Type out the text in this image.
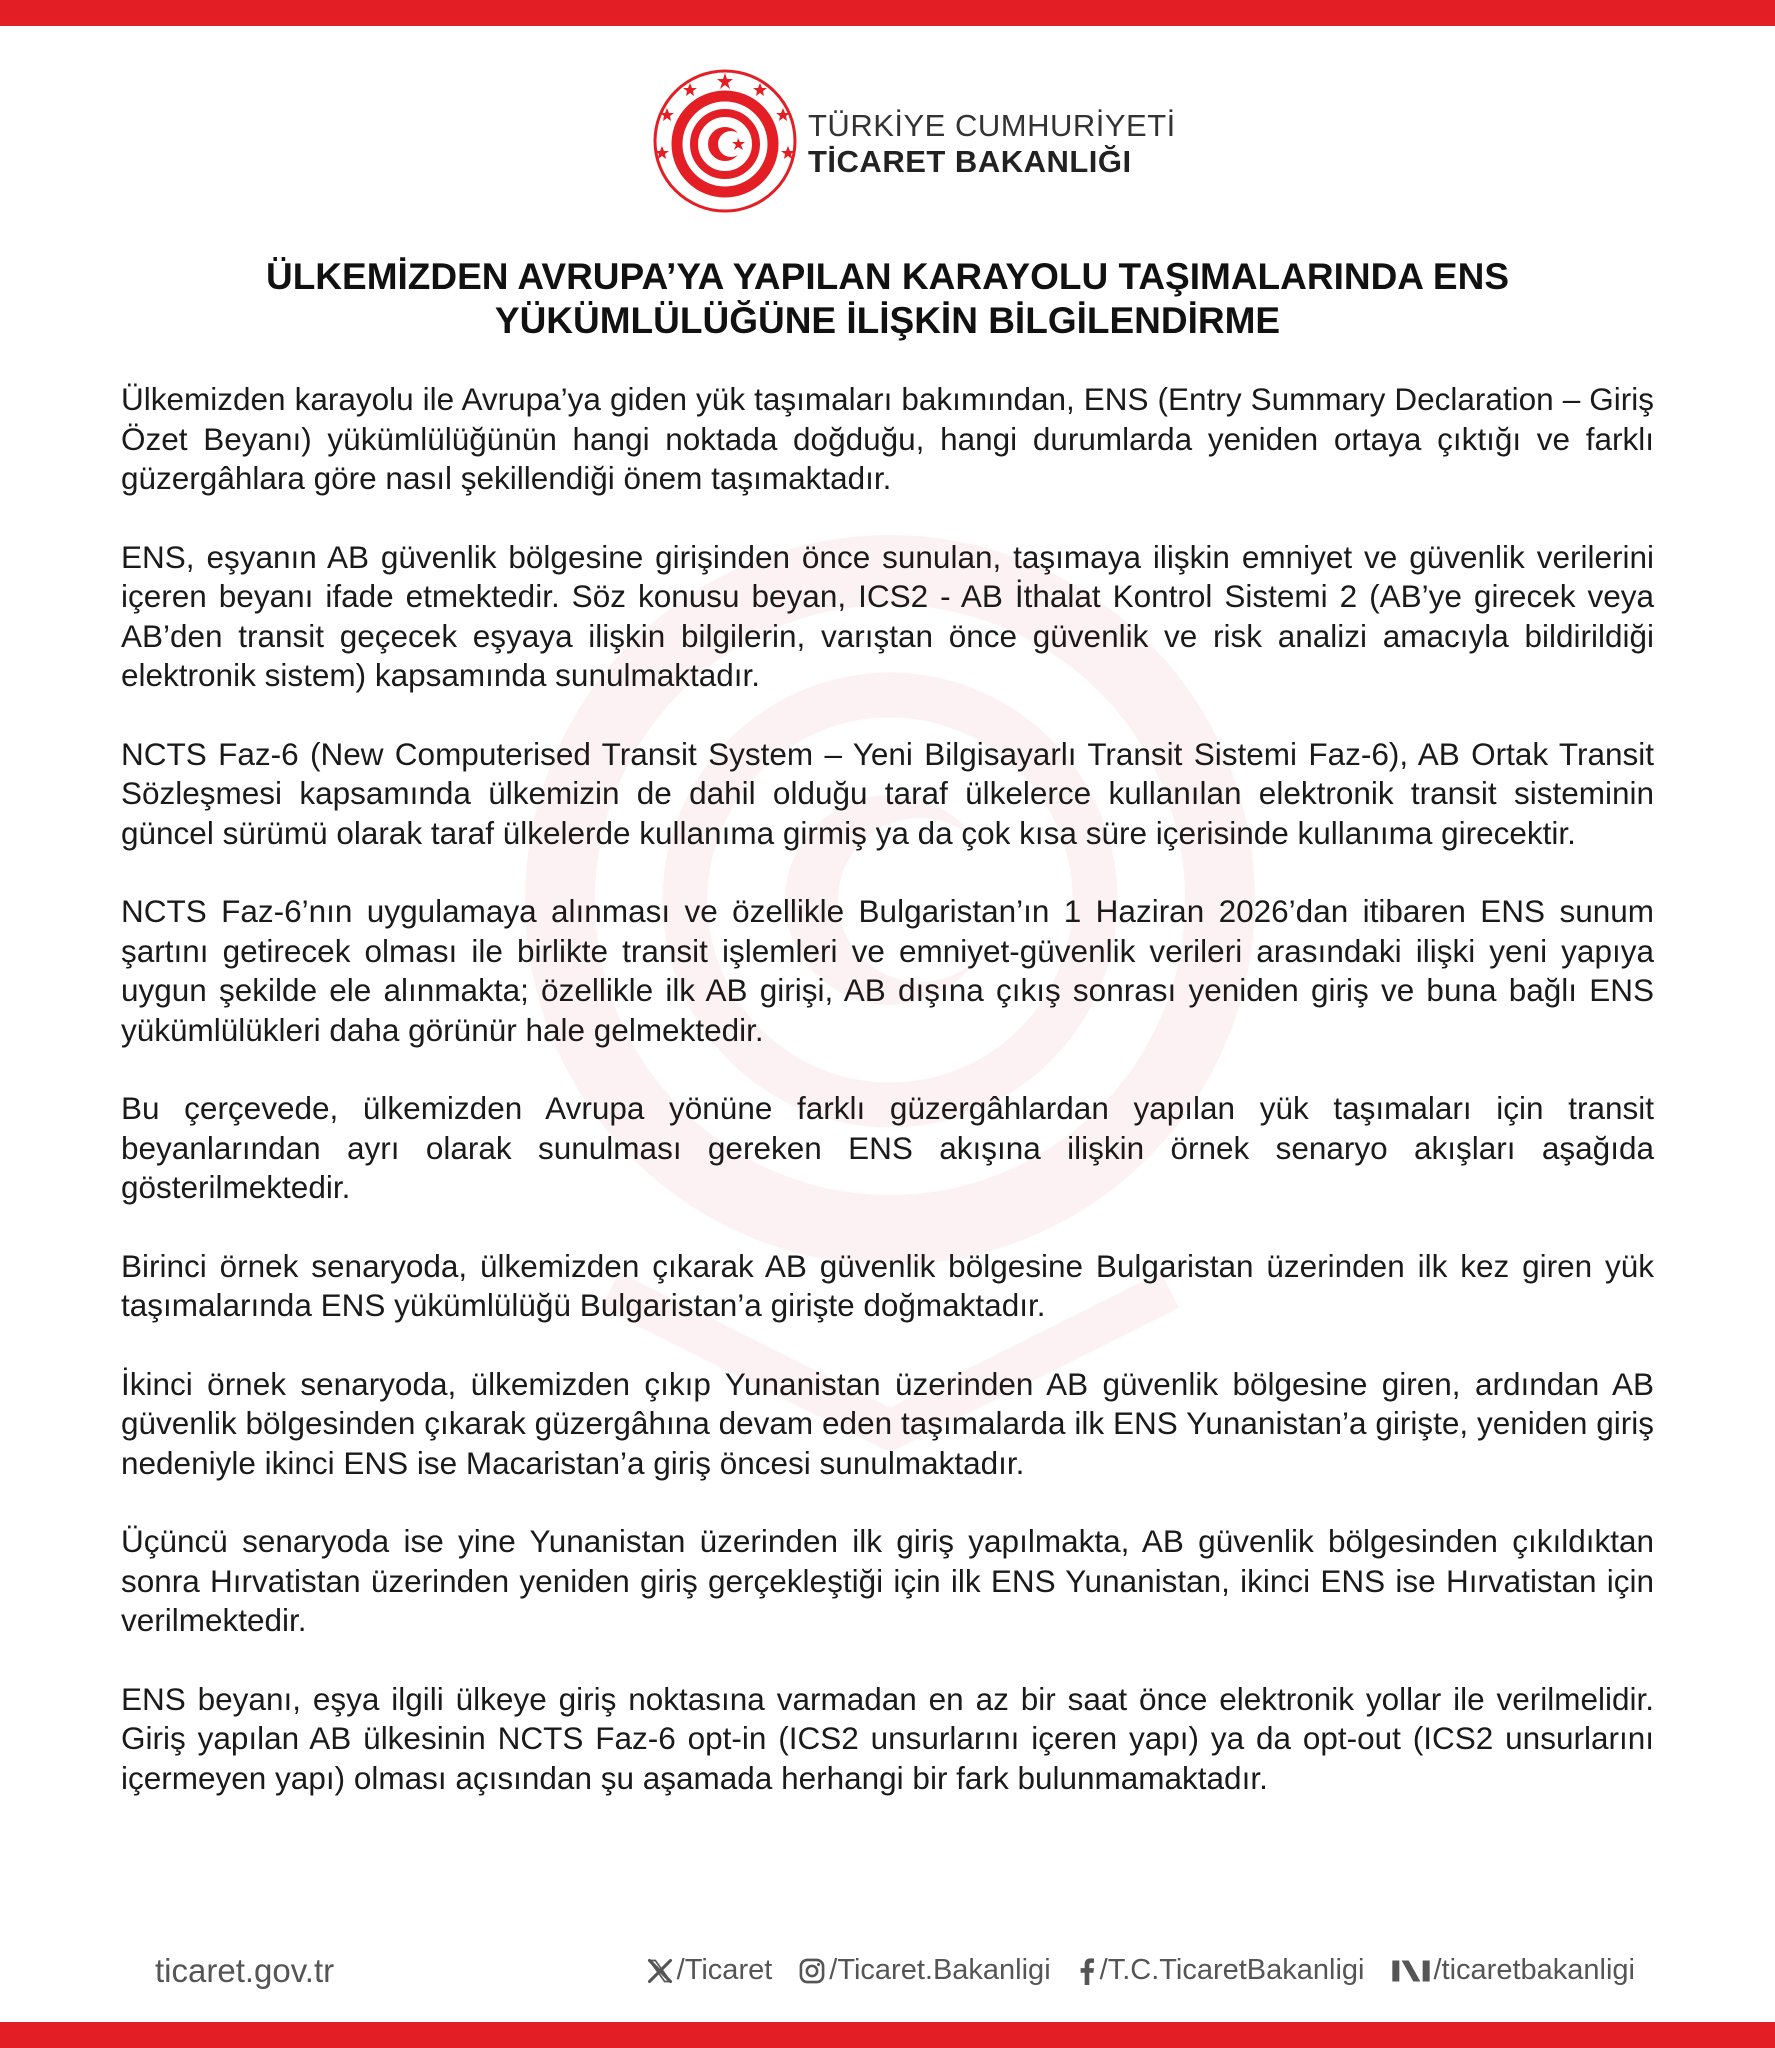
TÜRKİYE CUMHURİYETİ
TİCARET BAKANLIĞI
ÜLKEMİZDEN AVRUPA’YA YAPILAN KARAYOLU TAŞIMALARINDA ENS
YÜKÜMLÜLÜĞÜNE İLİŞKİN BİLGİLENDİRME

Ülkemizden karayolu ile Avrupa’ya giden yük taşımaları bakımından, ENS (Entry Summary Declaration – Giriş Özet Beyanı) yükümlülüğünün hangi noktada doğduğu, hangi durumlarda yeniden ortaya çıktığı ve farklı güzergâhlara göre nasıl şekillendiği önem taşımaktadır.

ENS, eşyanın AB güvenlik bölgesine girişinden önce sunulan, taşımaya ilişkin emniyet ve güvenlik verilerini içeren beyanı ifade etmektedir. Söz konusu beyan, ICS2 - AB İthalat Kontrol Sistemi 2 (AB’ye girecek veya AB’den transit geçecek eşyaya ilişkin bilgilerin, varıştan önce güvenlik ve risk analizi amacıyla bildirildiği elektronik sistem) kapsamında sunulmaktadır.

NCTS Faz-6 (New Computerised Transit System – Yeni Bilgisayarlı Transit Sistemi Faz-6), AB Ortak Transit Sözleşmesi kapsamında ülkemizin de dahil olduğu taraf ülkelerce kullanılan elektronik transit sisteminin güncel sürümü olarak taraf ülkelerde kullanıma girmiş ya da çok kısa süre içerisinde kullanıma girecektir.

NCTS Faz-6’nın uygulamaya alınması ve özellikle Bulgaristan’ın 1 Haziran 2026’dan itibaren ENS sunum şartını getirecek olması ile birlikte transit işlemleri ve emniyet-güvenlik verileri arasındaki ilişki yeni yapıya uygun şekilde ele alınmakta; özellikle ilk AB girişi, AB dışına çıkış sonrası yeniden giriş ve buna bağlı ENS yükümlülükleri daha görünür hale gelmektedir.

Bu çerçevede, ülkemizden Avrupa yönüne farklı güzergâhlardan yapılan yük taşımaları için transit beyanlarından ayrı olarak sunulması gereken ENS akışına ilişkin örnek senaryo akışları aşağıda gösterilmektedir.

Birinci örnek senaryoda, ülkemizden çıkarak AB güvenlik bölgesine Bulgaristan üzerinden ilk kez giren yük taşımalarında ENS yükümlülüğü Bulgaristan’a girişte doğmaktadır.

İkinci örnek senaryoda, ülkemizden çıkıp Yunanistan üzerinden AB güvenlik bölgesine giren, ardından AB güvenlik bölgesinden çıkarak güzergâhına devam eden taşımalarda ilk ENS Yunanistan’a girişte, yeniden giriş nedeniyle ikinci ENS ise Macaristan’a giriş öncesi sunulmaktadır.

Üçüncü senaryoda ise yine Yunanistan üzerinden ilk giriş yapılmakta, AB güvenlik bölgesinden çıkıldıktan sonra Hırvatistan üzerinden yeniden giriş gerçekleştiği için ilk ENS Yunanistan, ikinci ENS ise Hırvatistan için verilmektedir.

ENS beyanı, eşya ilgili ülkeye giriş noktasına varmadan en az bir saat önce elektronik yollar ile verilmelidir. Giriş yapılan AB ülkesinin NCTS Faz-6 opt-in (ICS2 unsurlarını içeren yapı) ya da opt-out (ICS2 unsurlarını içermeyen yapı) olması açısından şu aşamada herhangi bir fark bulunmamaktadır.

ticaret.gov.tr	/Ticaret /Ticaret.Bakanligi /T.C.TicaretBakanligi /ticaretbakanligi
